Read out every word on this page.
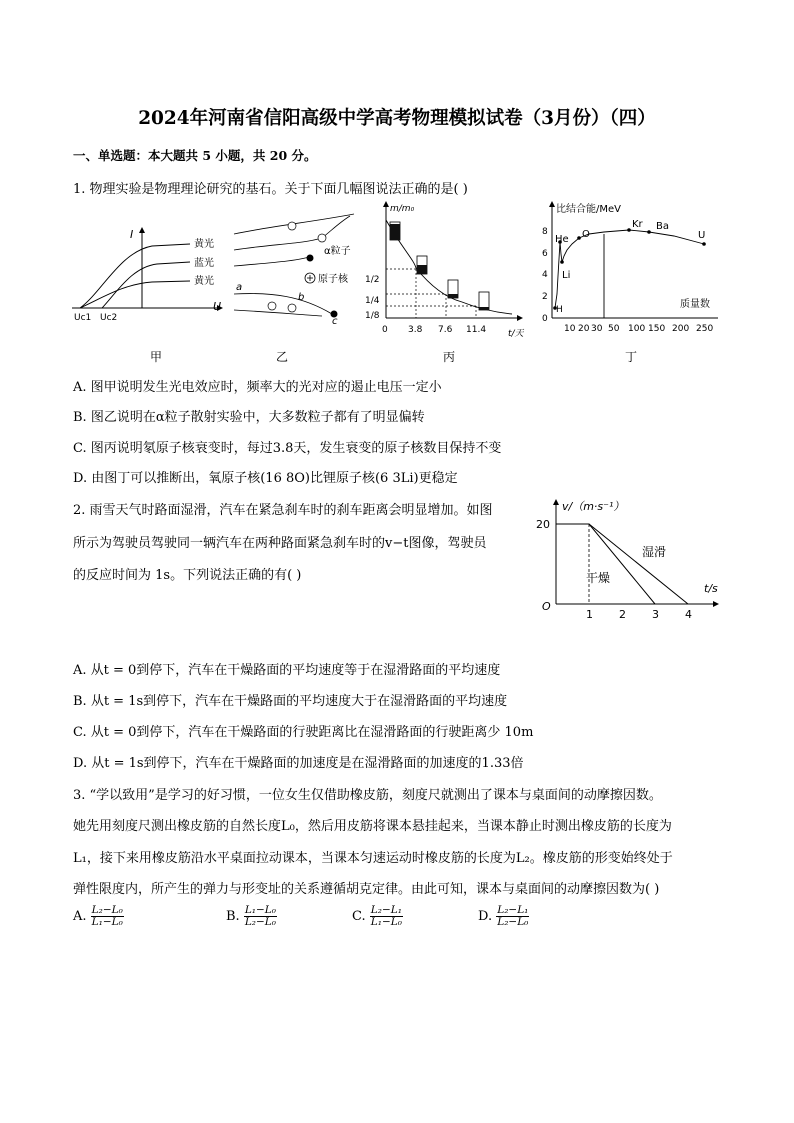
2024年河南省信阳高级中学高考物理模拟试卷（3月份）（四）
一、单选题：本大题共 5 小题，共 20 分。
1. 物理实验是物理理论研究的基石。关于下面几幅图说法正确的是( )
I
U
黄光
蓝光
黄光
Uc1 Uc2
甲
α粒子
原子核
a
b
c
乙
m/m₀
t/天
1/2
1/4
1/8
0 3.8 7.6 11.4
丙
比结合能/MeV
质量数
0
2
4
6
8
10 20 30 50 100 150 200 250
H
He
Li
O
Kr Ba
U
丁
A. 图甲说明发生光电效应时，频率大的光对应的遏止电压一定小
B. 图乙说明在α粒子散射实验中，大多数粒子都有了明显偏转
C. 图丙说明氡原子核衰变时，每过3.8天，发生衰变的原子核数目保持不变
D. 由图丁可以推断出，氧原子核(16 8O)比锂原子核(6 3Li)更稳定
2. 雨雪天气时路面湿滑，汽车在紧急刹车时的刹车距离会明显增加。如图
所示为驾驶员驾驶同一辆汽车在两种路面紧急刹车时的v−t图像，驾驶员
的反应时间为 1s。下列说法正确的有( )
v/（m·s⁻¹）
t/s
O
1 2 3 4
20
湿滑
干燥
A. 从t = 0到停下，汽车在干燥路面的平均速度等于在湿滑路面的平均速度
B. 从t = 1s到停下，汽车在干燥路面的平均速度大于在湿滑路面的平均速度
C. 从t = 0到停下，汽车在干燥路面的行驶距离比在湿滑路面的行驶距离少 10m
D. 从t = 1s到停下，汽车在干燥路面的加速度是在湿滑路面的加速度的1.33倍
3. “学以致用”是学习的好习惯，一位女生仅借助橡皮筋，刻度尺就测出了课本与桌面间的动摩擦因数。
她先用刻度尺测出橡皮筋的自然长度L₀，然后用皮筋将课本悬挂起来，当课本静止时测出橡皮筋的长度为
L₁，接下来用橡皮筋沿水平桌面拉动课本，当课本匀速运动时橡皮筋的长度为L₂。橡皮筋的形变始终处于
弹性限度内，所产生的弹力与形变址的关系遵循胡克定律。由此可知，课本与桌面间的动摩擦因数为( )
A. $\frac{\text{L₂−L₀}}{\text{L₁−L₀}}$	B. $\frac{\text{L₁−L₀}}{\text{L₂−L₀}}$	C. $\frac{\text{L₂−L₁}}{\text{L₁−L₀}}$	D. $\frac{\text{L₂−L₁}}{\text{L₂−L₀}}$
